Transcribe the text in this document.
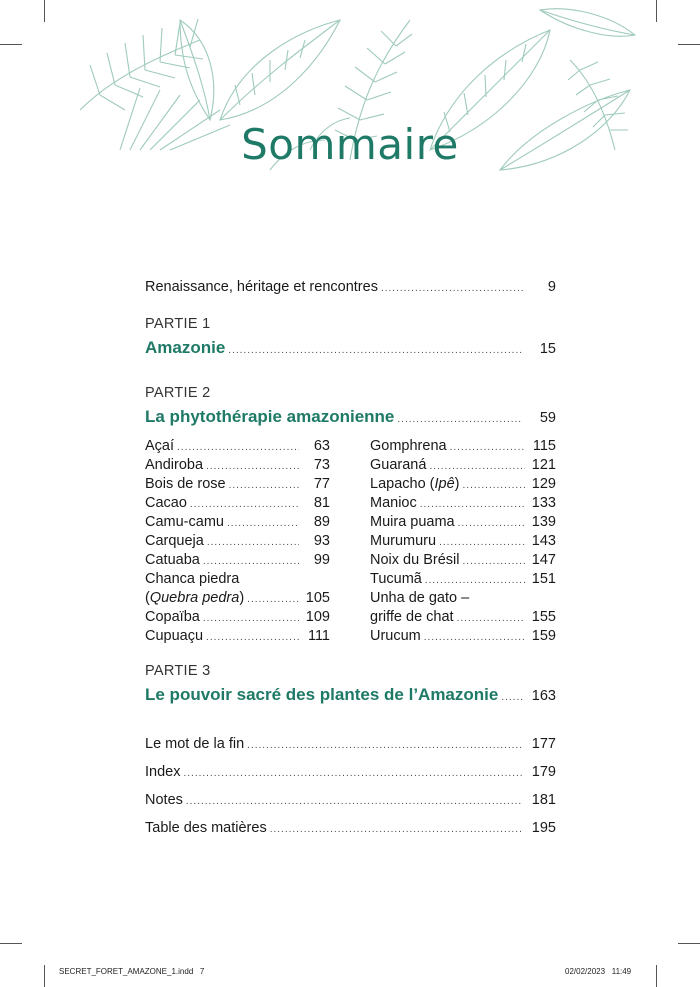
Sommaire
Renaissance, héritage et rencontres .....	9
PARTIE 1
Amazonie .....	15
PARTIE 2
La phytothérapie amazonienne .....	59
Açaí .....	63
Andiroba .....	73
Bois de rose .....	77
Cacao .....	81
Camu-camu .....	89
Carqueja .....	93
Catuaba .....	99
Chanca piedra
(Quebra pedra) .....	105
Copaïba .....	109
Cupuaçu .....	111
Gomphrena .....	115
Guaraná .....	121
Lapacho (Ipê) .....	129
Manioc .....	133
Muira puama .....	139
Murumuru .....	143
Noix du Brésil .....	147
Tucumã .....	151
Unha de gato –
griffe de chat .....	155
Urucum .....	159
PARTIE 3
Le pouvoir sacré des plantes de l’Amazonie .....	163
Le mot de la fin .....	177
Index .....	179
Notes .....	181
Table des matières .....	195
SECRET_FORET_AMAZONE_1.indd   7	02/02/2023   11:49
